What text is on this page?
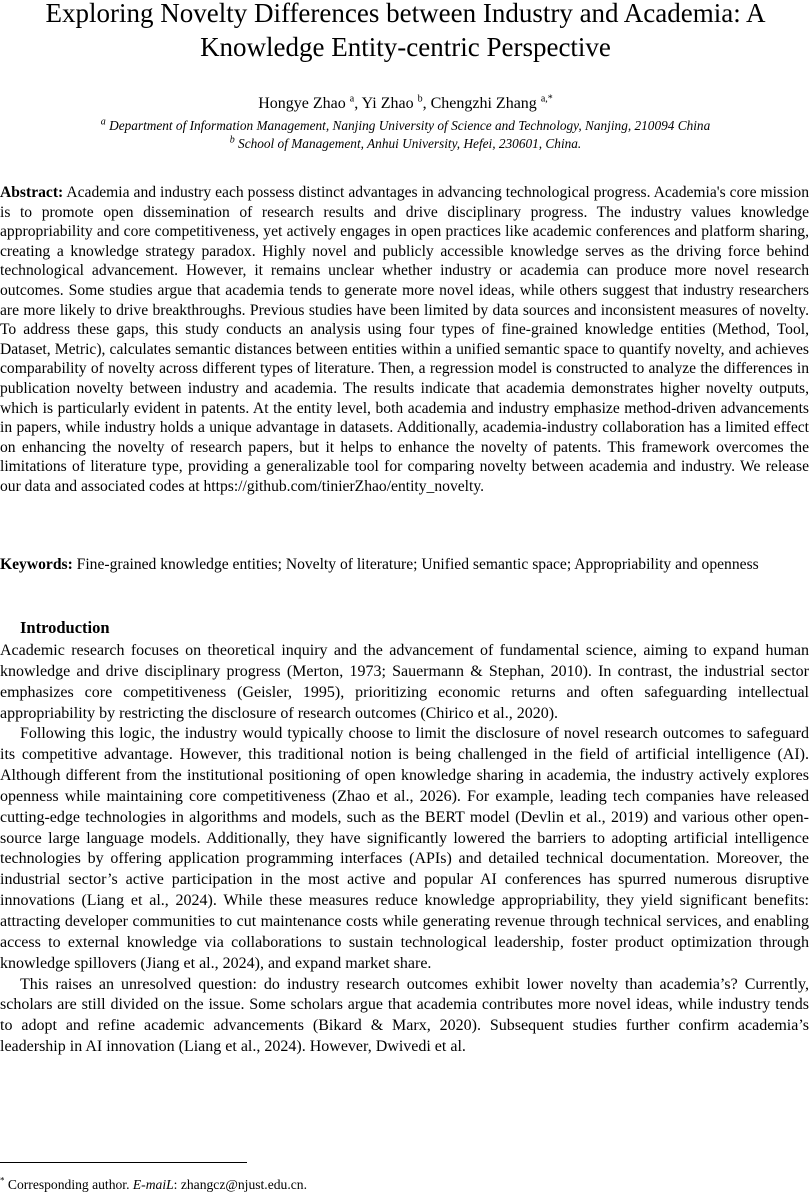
Exploring Novelty Differences between Industry and Academia: A Knowledge Entity-centric Perspective
Hongye Zhao $^a$, Yi Zhao $^b$, Chengzhi Zhang $^{a,*}$
$^a$ Department of Information Management, Nanjing University of Science and Technology, Nanjing, 210094 China
$^b$ School of Management, Anhui University, Hefei, 230601, China.

Abstract: Academia and industry each possess distinct advantages in advancing technological progress. Academia's core mission is to promote open dissemination of research results and drive disciplinary progress. The industry values knowledge appropriability and core competitiveness, yet actively engages in open practices like academic conferences and platform sharing, creating a knowledge strategy paradox. Highly novel and publicly accessible knowledge serves as the driving force behind technological advancement. However, it remains unclear whether industry or academia can produce more novel research outcomes. Some studies argue that academia tends to generate more novel ideas, while others suggest that industry researchers are more likely to drive breakthroughs. Previous studies have been limited by data sources and inconsistent measures of novelty. To address these gaps, this study conducts an analysis using four types of fine-grained knowledge entities (Method, Tool, Dataset, Metric), calculates semantic distances between entities within a unified semantic space to quantify novelty, and achieves comparability of novelty across different types of literature. Then, a regression model is constructed to analyze the differences in publication novelty between industry and academia. The results indicate that academia demonstrates higher novelty outputs, which is particularly evident in patents. At the entity level, both academia and industry emphasize method-driven advancements in papers, while industry holds a unique advantage in datasets. Additionally, academia-industry collaboration has a limited effect on enhancing the novelty of research papers, but it helps to enhance the novelty of patents. This framework overcomes the limitations of literature type, providing a generalizable tool for comparing novelty between academia and industry. We release our data and associated codes at https://github.com/tinierZhao/entity_novelty.

Keywords: Fine-grained knowledge entities; Novelty of literature; Unified semantic space; Appropriability and openness

Introduction

Academic research focuses on theoretical inquiry and the advancement of fundamental science, aiming to expand human knowledge and drive disciplinary progress (Merton, 1973; Sauermann & Stephan, 2010). In contrast, the industrial sector emphasizes core competitiveness (Geisler, 1995), prioritizing economic returns and often safeguarding intellectual appropriability by restricting the disclosure of research outcomes (Chirico et al., 2020).

Following this logic, the industry would typically choose to limit the disclosure of novel research outcomes to safeguard its competitive advantage. However, this traditional notion is being challenged in the field of artificial intelligence (AI). Although different from the institutional positioning of open knowledge sharing in academia, the industry actively explores openness while maintaining core competitiveness (Zhao et al., 2026). For example, leading tech companies have released cutting-edge technologies in algorithms and models, such as the BERT model (Devlin et al., 2019) and various other open-source large language models. Additionally, they have significantly lowered the barriers to adopting artificial intelligence technologies by offering application programming interfaces (APIs) and detailed technical documentation. Moreover, the industrial sector’s active participation in the most active and popular AI conferences has spurred numerous disruptive innovations (Liang et al., 2024). While these measures reduce knowledge appropriability, they yield significant benefits: attracting developer communities to cut maintenance costs while generating revenue through technical services, and enabling access to external knowledge via collaborations to sustain technological leadership, foster product optimization through knowledge spillovers (Jiang et al., 2024), and expand market share.

This raises an unresolved question: do industry research outcomes exhibit lower novelty than academia’s? Currently, scholars are still divided on the issue. Some scholars argue that academia contributes more novel ideas, while industry tends to adopt and refine academic advancements (Bikard & Marx, 2020). Subsequent studies further confirm academia’s leadership in AI innovation (Liang et al., 2024). However, Dwivedi et al.

* Corresponding author. E-maiL: zhangcz@njust.edu.cn.
